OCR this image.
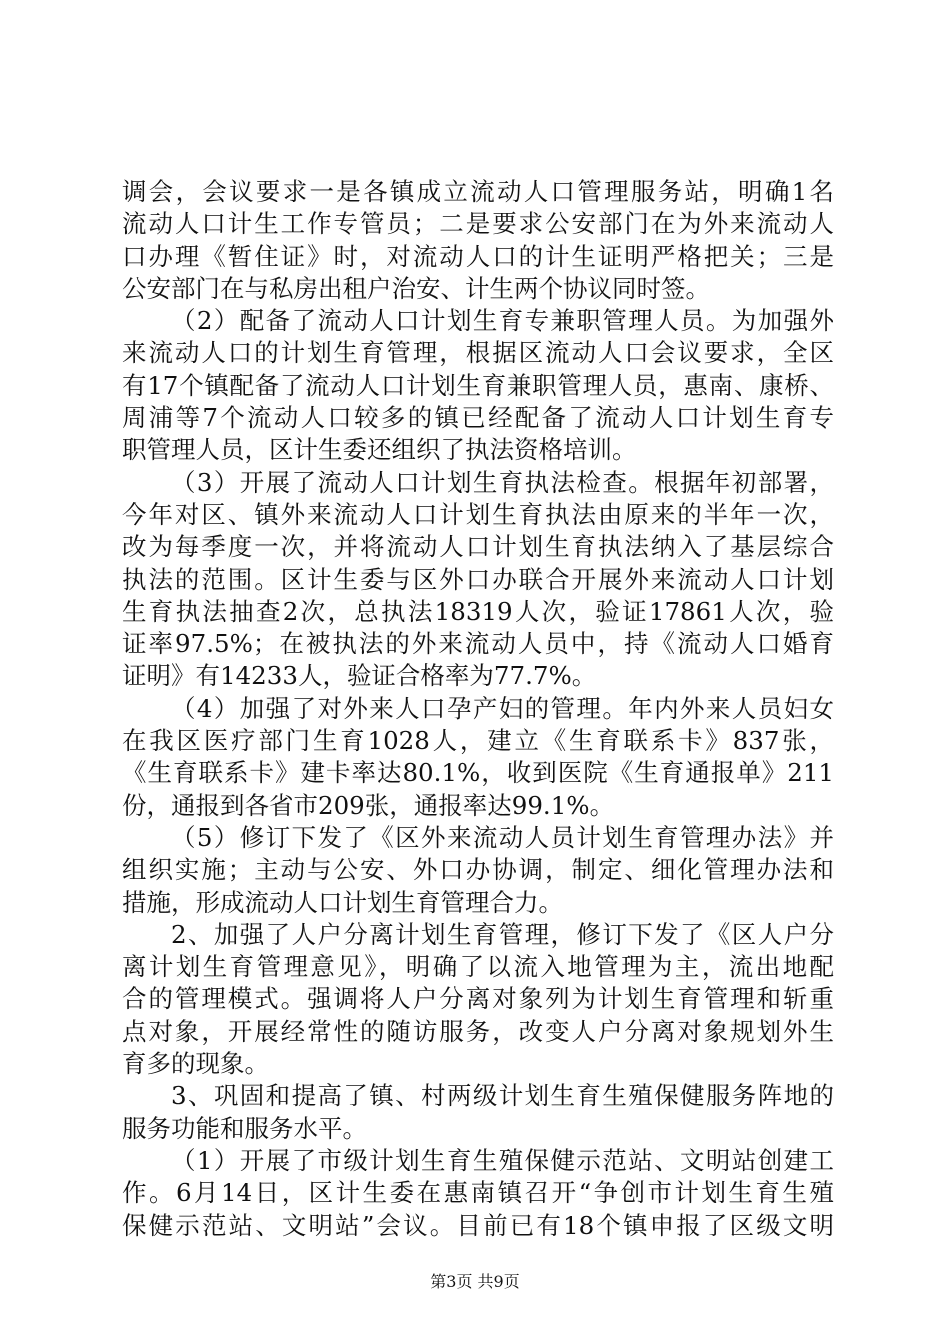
调会，会议要求一是各镇成立流动人口管理服务站，明确1名
流动人口计生工作专管员；二是要求公安部门在为外来流动人
口办理《暂住证》时，对流动人口的计生证明严格把关；三是
公安部门在与私房出租户治安、计生两个协议同时签。
（2）配备了流动人口计划生育专兼职管理人员。为加强外
来流动人口的计划生育管理，根据区流动人口会议要求，全区
有17个镇配备了流动人口计划生育兼职管理人员，惠南、康桥、
周浦等7个流动人口较多的镇已经配备了流动人口计划生育专
职管理人员，区计生委还组织了执法资格培训。
（3）开展了流动人口计划生育执法检查。根据年初部署，
今年对区、镇外来流动人口计划生育执法由原来的半年一次，
改为每季度一次，并将流动人口计划生育执法纳入了基层综合
执法的范围。区计生委与区外口办联合开展外来流动人口计划
生育执法抽查2次，总执法18319人次，验证17861人次，验
证率97.5%；在被执法的外来流动人员中，持《流动人口婚育
证明》有14233人，验证合格率为77.7%。
（4）加强了对外来人口孕产妇的管理。年内外来人员妇女
在我区医疗部门生育1028人，建立《生育联系卡》837张，
《生育联系卡》建卡率达80.1%，收到医院《生育通报单》211
份，通报到各省市209张，通报率达99.1%。
（5）修订下发了《区外来流动人员计划生育管理办法》并
组织实施；主动与公安、外口办协调，制定、细化管理办法和
措施，形成流动人口计划生育管理合力。
2、加强了人户分离计划生育管理，修订下发了《区人户分
离计划生育管理意见》，明确了以流入地管理为主，流出地配
合的管理模式。强调将人户分离对象列为计划生育管理和斩重
点对象，开展经常性的随访服务，改变人户分离对象规划外生
育多的现象。
3、巩固和提高了镇、村两级计划生育生殖保健服务阵地的
服务功能和服务水平。
（1）开展了市级计划生育生殖保健示范站、文明站创建工
作。6月14日，区计生委在惠南镇召开“争创市计划生育生殖
保健示范站、文明站”会议。目前已有18个镇申报了区级文明
第3页 共9页
